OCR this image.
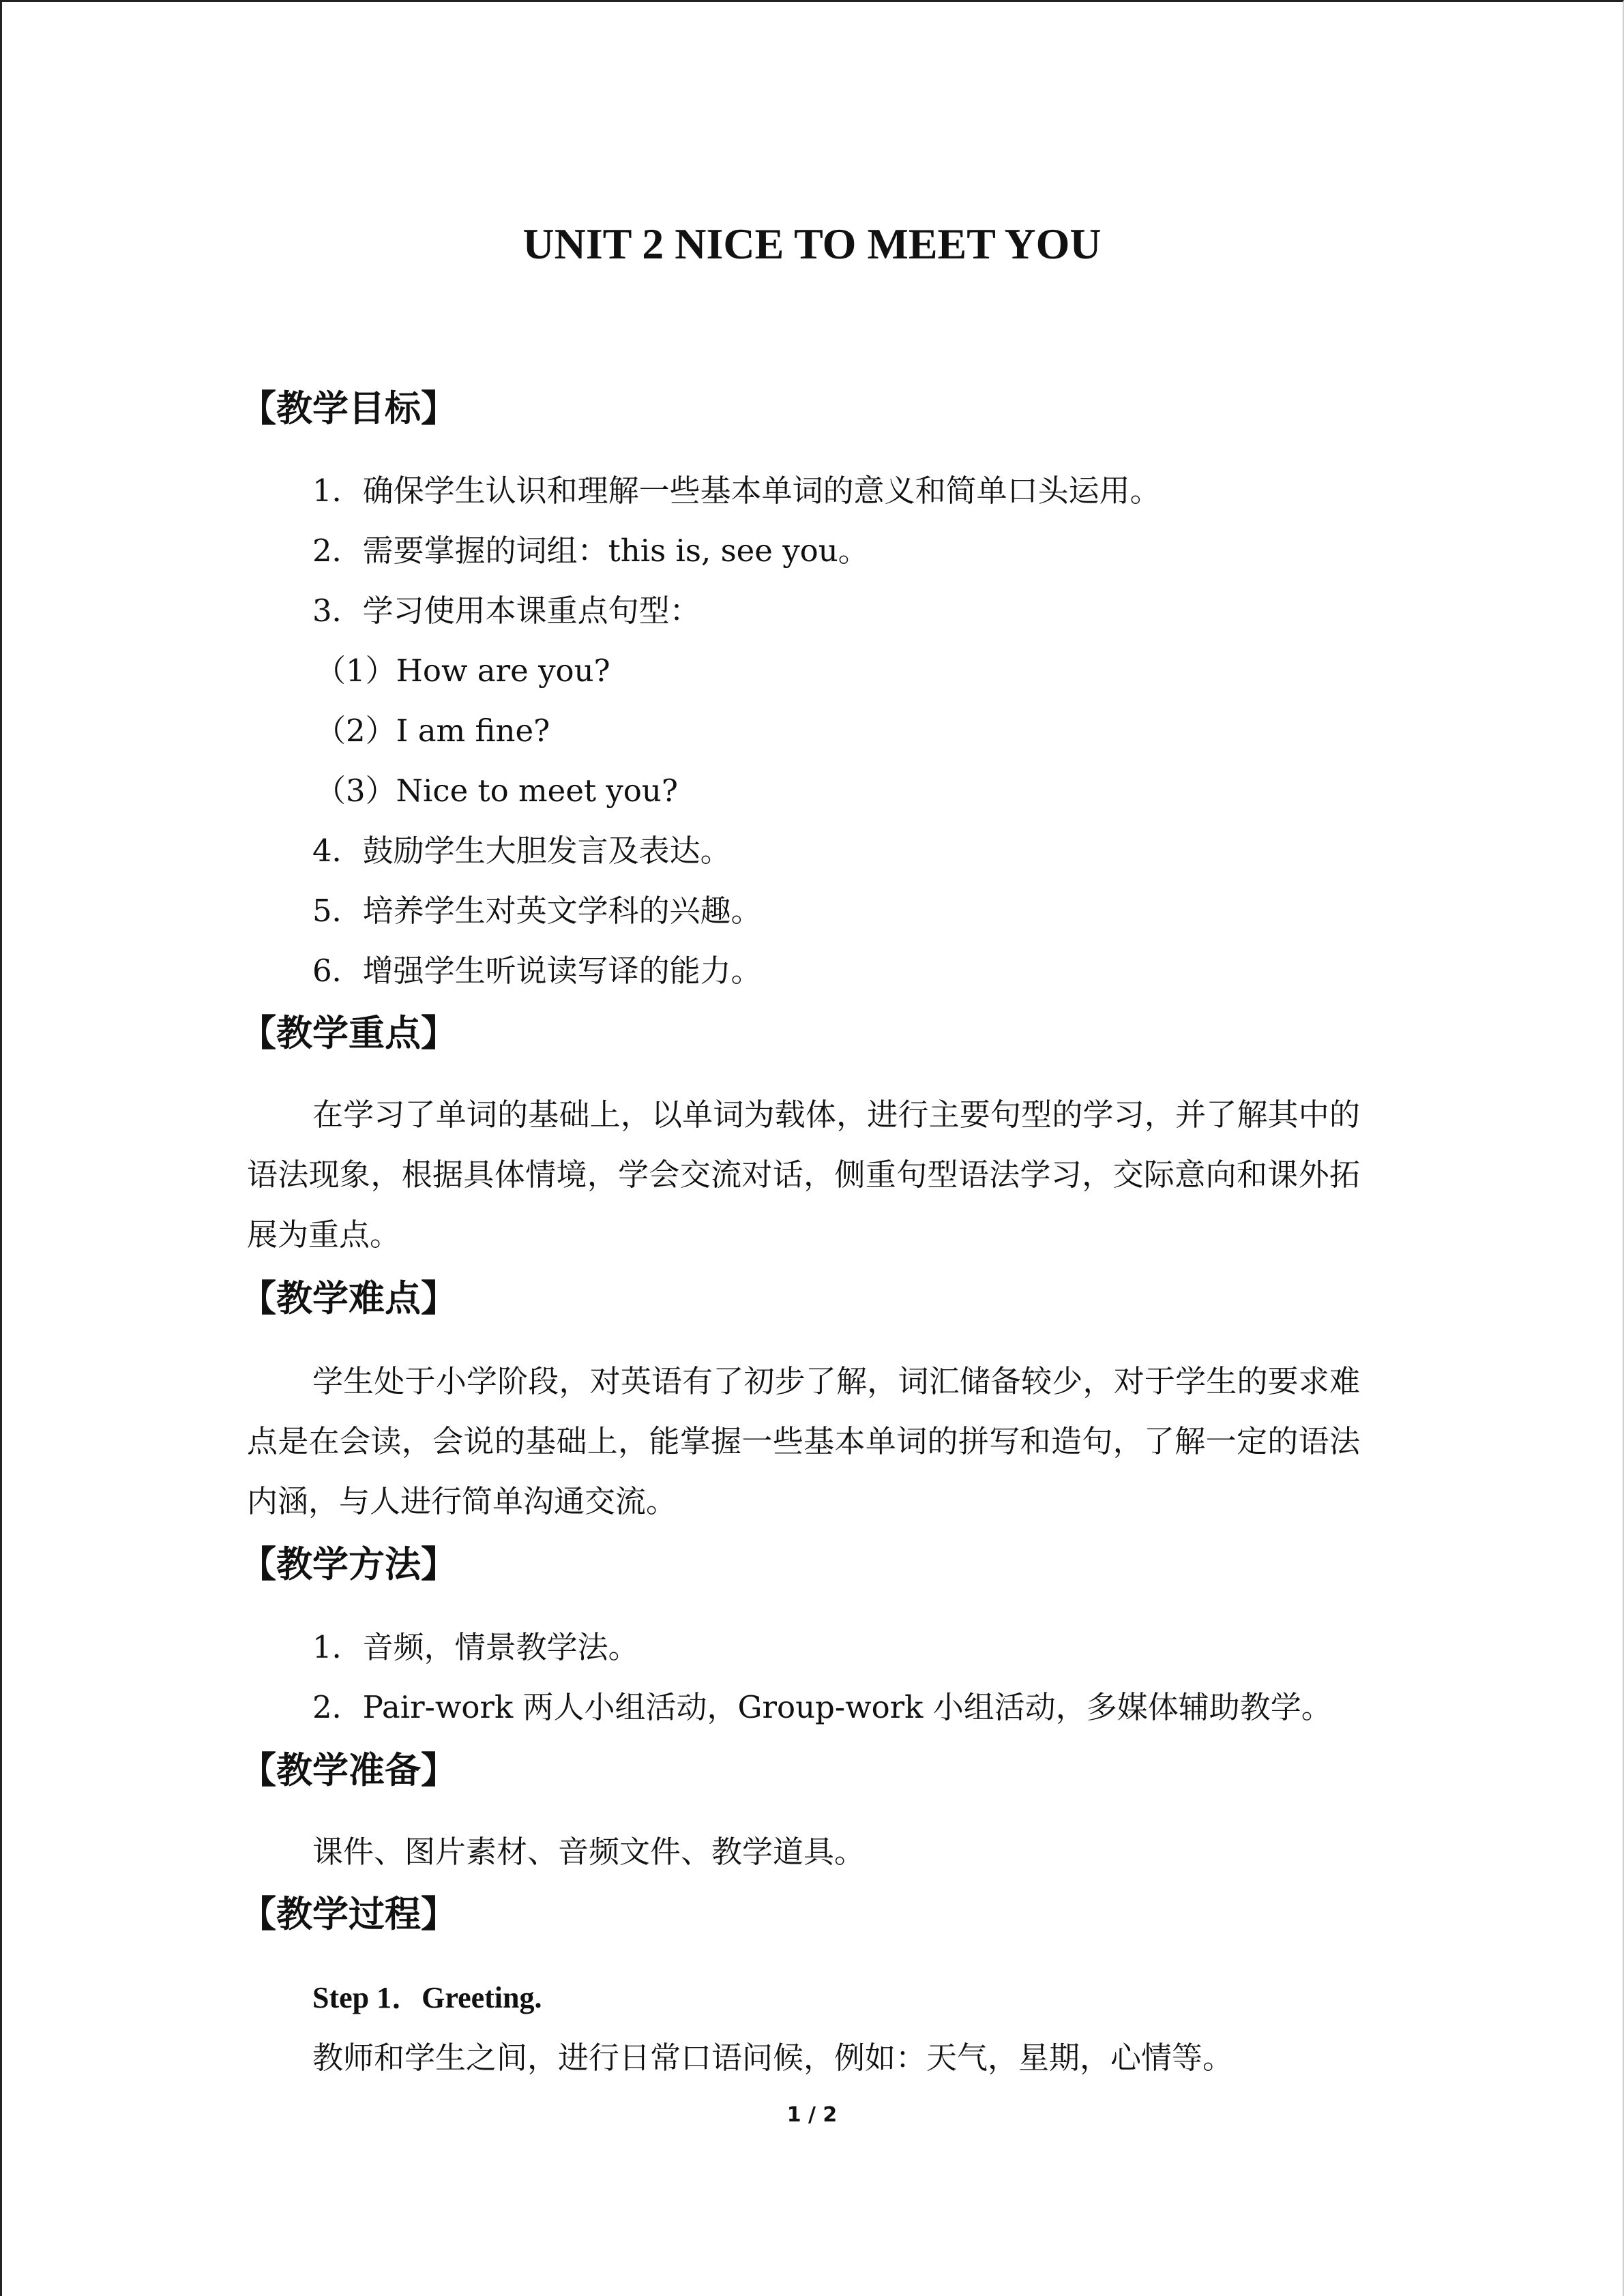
UNIT 2 NICE TO MEET YOU
【教学目标】
1．确保学生认识和理解一些基本单词的意义和简单口头运用。
2．需要掌握的词组：this is, see you。
3．学习使用本课重点句型：
（1）How are you?
（2）I am fine?
（3）Nice to meet you?
4．鼓励学生大胆发言及表达。
5．培养学生对英文学科的兴趣。
6．增强学生听说读写译的能力。
【教学重点】
在学习了单词的基础上，以单词为载体，进行主要句型的学习，并了解其中的语法现象，根据具体情境，学会交流对话，侧重句型语法学习，交际意向和课外拓展为重点。
【教学难点】
学生处于小学阶段，对英语有了初步了解，词汇储备较少，对于学生的要求难点是在会读，会说的基础上，能掌握一些基本单词的拼写和造句，了解一定的语法内涵，与人进行简单沟通交流。
【教学方法】
1．音频，情景教学法。
2．Pair-work 两人小组活动，Group-work 小组活动，多媒体辅助教学。
【教学准备】
课件、图片素材、音频文件、教学道具。
【教学过程】
Step 1．Greeting.
教师和学生之间，进行日常口语问候，例如：天气，星期，心情等。
1 / 2
